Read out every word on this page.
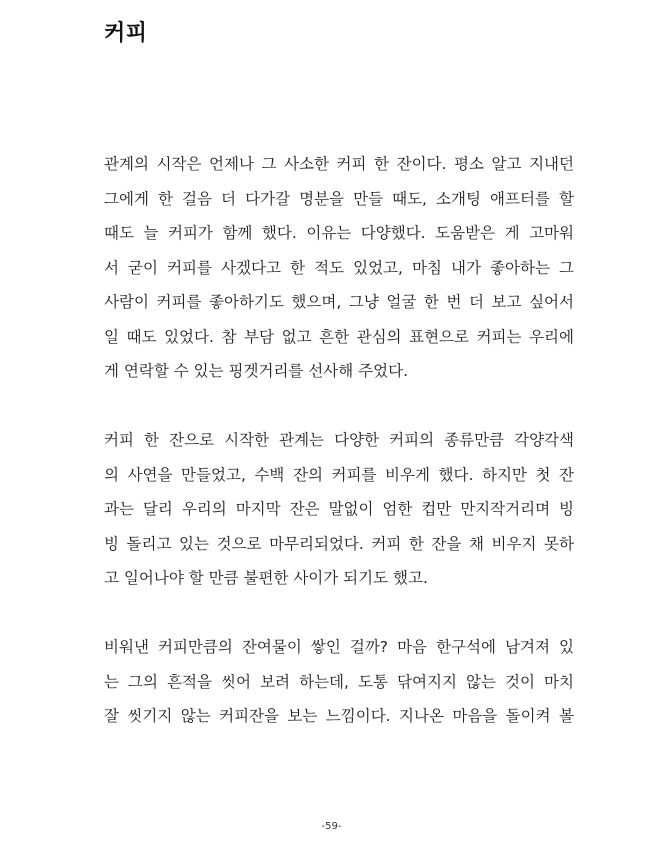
커피
관계의 시작은 언제나 그 사소한 커피 한 잔이다. 평소 알고 지내던
그에게 한 걸음 더 다가갈 명분을 만들 때도, 소개팅 애프터를 할
때도 늘 커피가 함께 했다. 이유는 다양했다. 도움받은 게 고마워
서 굳이 커피를 사겠다고 한 적도 있었고, 마침 내가 좋아하는 그
사람이 커피를 좋아하기도 했으며, 그냥 얼굴 한 번 더 보고 싶어서
일 때도 있었다. 참 부담 없고 흔한 관심의 표현으로 커피는 우리에
게 연락할 수 있는 핑겟거리를 선사해 주었다.
커피 한 잔으로 시작한 관계는 다양한 커피의 종류만큼 각양각색
의 사연을 만들었고, 수백 잔의 커피를 비우게 했다. 하지만 첫 잔
과는 달리 우리의 마지막 잔은 말없이 엄한 컵만 만지작거리며 빙
빙 돌리고 있는 것으로 마무리되었다. 커피 한 잔을 채 비우지 못하
고 일어나야 할 만큼 불편한 사이가 되기도 했고.
비워낸 커피만큼의 잔여물이 쌓인 걸까? 마음 한구석에 남겨져 있
는 그의 흔적을 씻어 보려 하는데, 도통 닦여지지 않는 것이 마치
잘 씻기지 않는 커피잔을 보는 느낌이다. 지나온 마음을 돌이켜 볼
-59-
